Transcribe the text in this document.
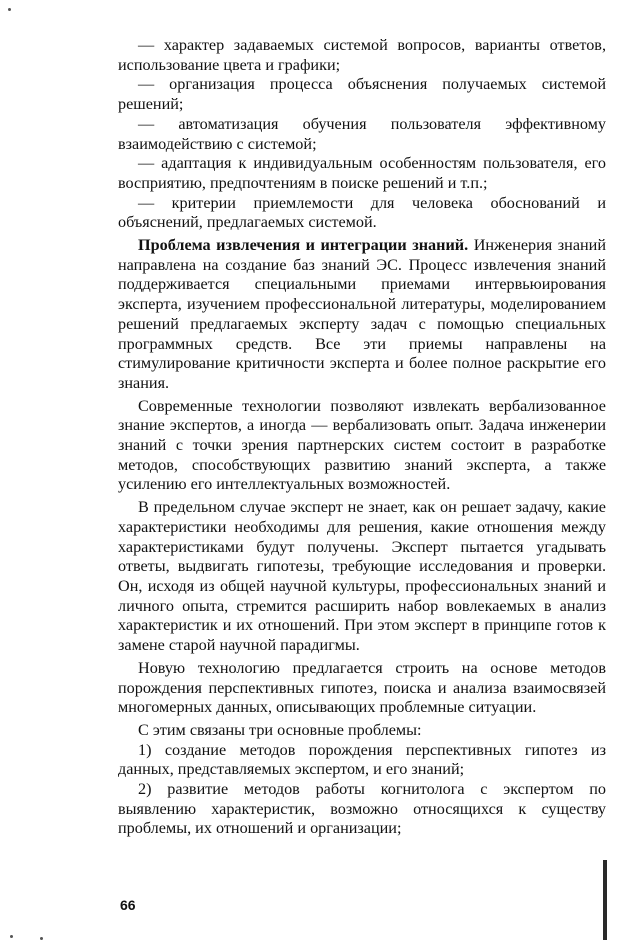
— характер задаваемых системой вопросов, варианты ответов, использование цвета и графики;

— организация процесса объяснения получаемых системой решений;

— автоматизация обучения пользователя эффективному взаимодействию с системой;

— адаптация к индивидуальным особенностям пользователя, его восприятию, предпочтениям в поиске решений и т.п.;

— критерии приемлемости для человека обоснований и объяснений, предлагаемых системой.

Проблема извлечения и интеграции знаний. Инженерия знаний направлена на создание баз знаний ЭС. Процесс извлечения знаний поддерживается специальными приемами интервьюирования эксперта, изучением профессиональной литературы, моделированием решений предлагаемых эксперту задач с помощью специальных программных средств. Все эти приемы направлены на стимулирование критичности эксперта и более полное раскрытие его знания.

Современные технологии позволяют извлекать вербализованное знание экспертов, а иногда — вербализовать опыт. Задача инженерии знаний с точки зрения партнерских систем состоит в разработке методов, способствующих развитию знаний эксперта, а также усилению его интеллектуальных возможностей.

В предельном случае эксперт не знает, как он решает задачу, какие характеристики необходимы для решения, какие отношения между характеристиками будут получены. Эксперт пытается угадывать ответы, выдвигать гипотезы, требующие исследования и проверки. Он, исходя из общей научной культуры, профессиональных знаний и личного опыта, стремится расширить набор вовлекаемых в анализ характеристик и их отношений. При этом эксперт в принципе готов к замене старой научной парадигмы.

Новую технологию предлагается строить на основе методов порождения перспективных гипотез, поиска и анализа взаимосвязей многомерных данных, описывающих проблемные ситуации.

С этим связаны три основные проблемы:

1) создание методов порождения перспективных гипотез из данных, представляемых экспертом, и его знаний;

2) развитие методов работы когнитолога с экспертом по выявлению характеристик, возможно относящихся к существу проблемы, их отношений и организации;

66
